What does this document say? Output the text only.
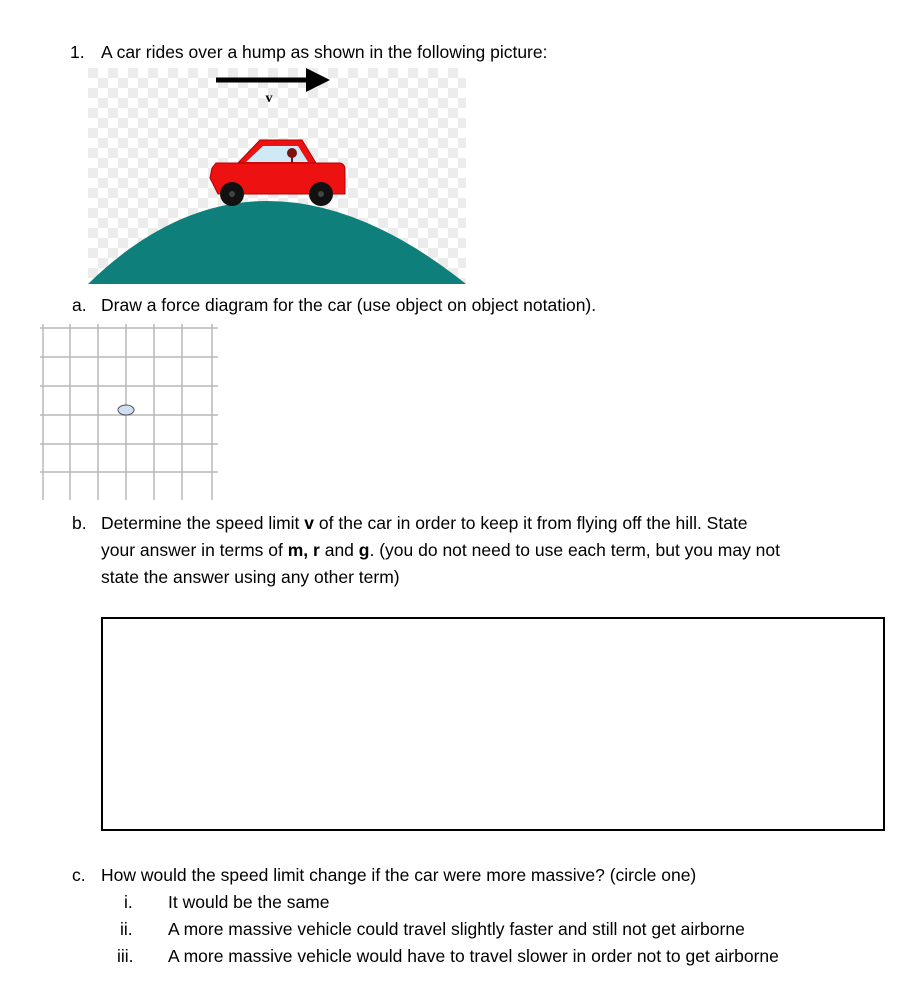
1. A car rides over a hump as shown in the following picture:
v
a. Draw a force diagram for the car (use object on object notation).
b. Determine the speed limit v of the car in order to keep it from flying off the hill. State
your answer in terms of m, r and g. (you do not need to use each term, but you may not
state the answer using any other term)
c. How would the speed limit change if the car were more massive? (circle one)
i. It would be the same
ii. A more massive vehicle could travel slightly faster and still not get airborne
iii. A more massive vehicle would have to travel slower in order not to get airborne
